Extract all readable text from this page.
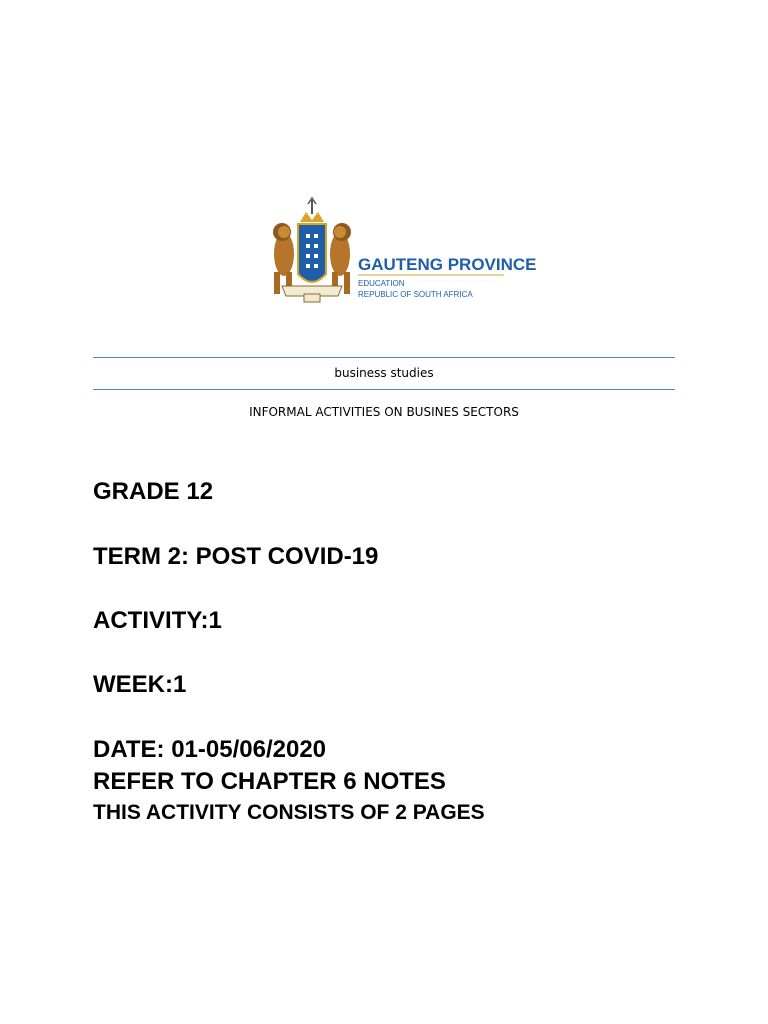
GAUTENG PROVINCE
EDUCATION
REPUBLIC OF SOUTH AFRICA
business studies
INFORMAL ACTIVITIES ON BUSINES SECTORS
GRADE 12
TERM 2: POST COVID-19
ACTIVITY:1
WEEK:1
DATE: 01-05/06/2020
REFER TO CHAPTER 6 NOTES
THIS ACTIVITY CONSISTS OF 2 PAGES
